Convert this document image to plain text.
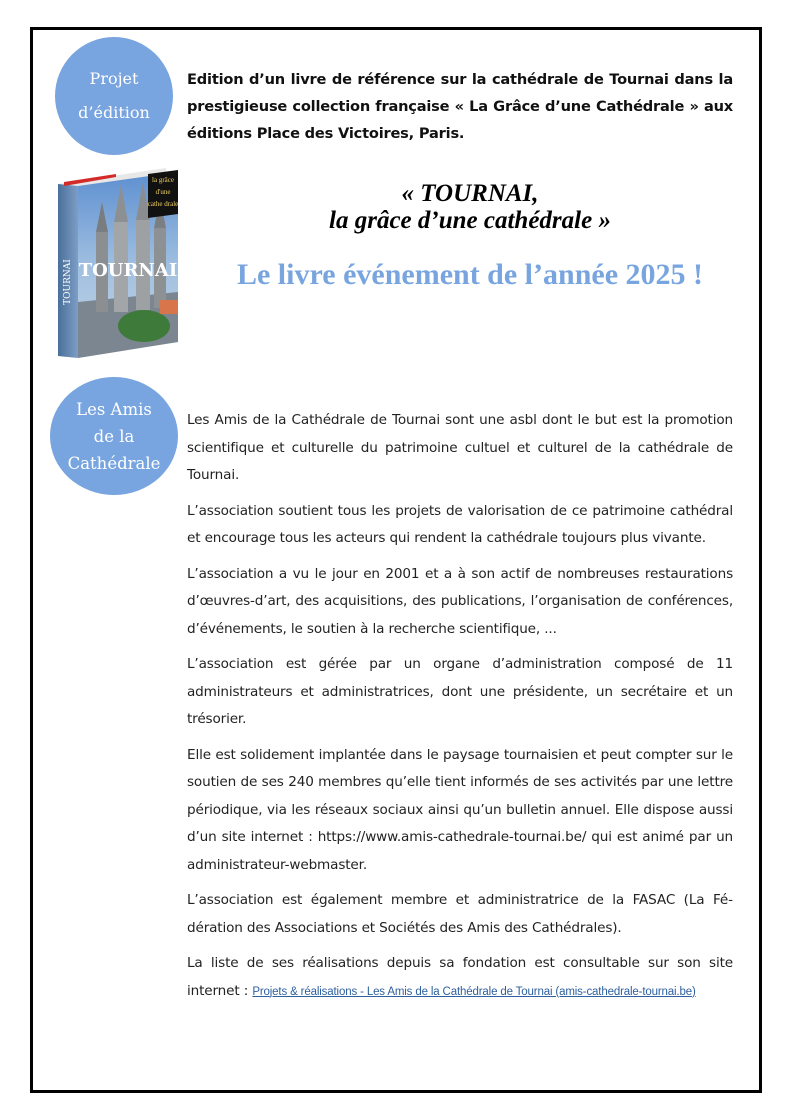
Projet
d’édition
Edition d’un livre de référence sur la cathédrale de Tournai dans la prestigieuse collection française « La Grâce d’une Cathédrale » aux éditions Place des Victoires, Paris.
la grâce
d'une
cathe drale
TOURNAI
TOURNAI
« TOURNAI,
la grâce d’une cathédrale »
Le livre événement de l’année 2025 !
Les Amis
de la
Cathédrale

Les Amis de la Cathédrale de Tournai sont une asbl dont le but est la promotion scientifique et culturelle du patrimoine cultuel et culturel de la cathédrale de Tournai.

L’association soutient tous les projets de valorisation de ce patrimoine cathédral et encourage tous les acteurs qui rendent la cathédrale toujours plus vivante.

L’association a vu le jour en 2001 et a à son actif de nombreuses restaurations d’œuvres-d’art, des acquisitions, des publications, l’organisation de conférences, d’événements, le soutien à la recherche scientifique, ...

L’association est gérée par un organe d’administration composé de 11 administrateurs et administratrices, dont une présidente, un secrétaire et un trésorier.

Elle est solidement implantée dans le paysage tournaisien et peut compter sur le soutien de ses 240 membres qu’elle tient informés de ses activités par une lettre périodique, via les réseaux sociaux ainsi qu’un bulletin annuel. Elle dispose aussi d’un site internet : https://www.amis-cathedrale-tournai.be/ qui est animé par un administrateur-webmaster.

L’association est également membre et administratrice de la FASAC (La Fédération des Associations et Sociétés des Amis des Cathédrales).

La liste de ses réalisations depuis sa fondation est consultable sur son site internet : Projets & réalisations - Les Amis de la Cathédrale de Tournai (amis-cathedrale-tournai.be)
